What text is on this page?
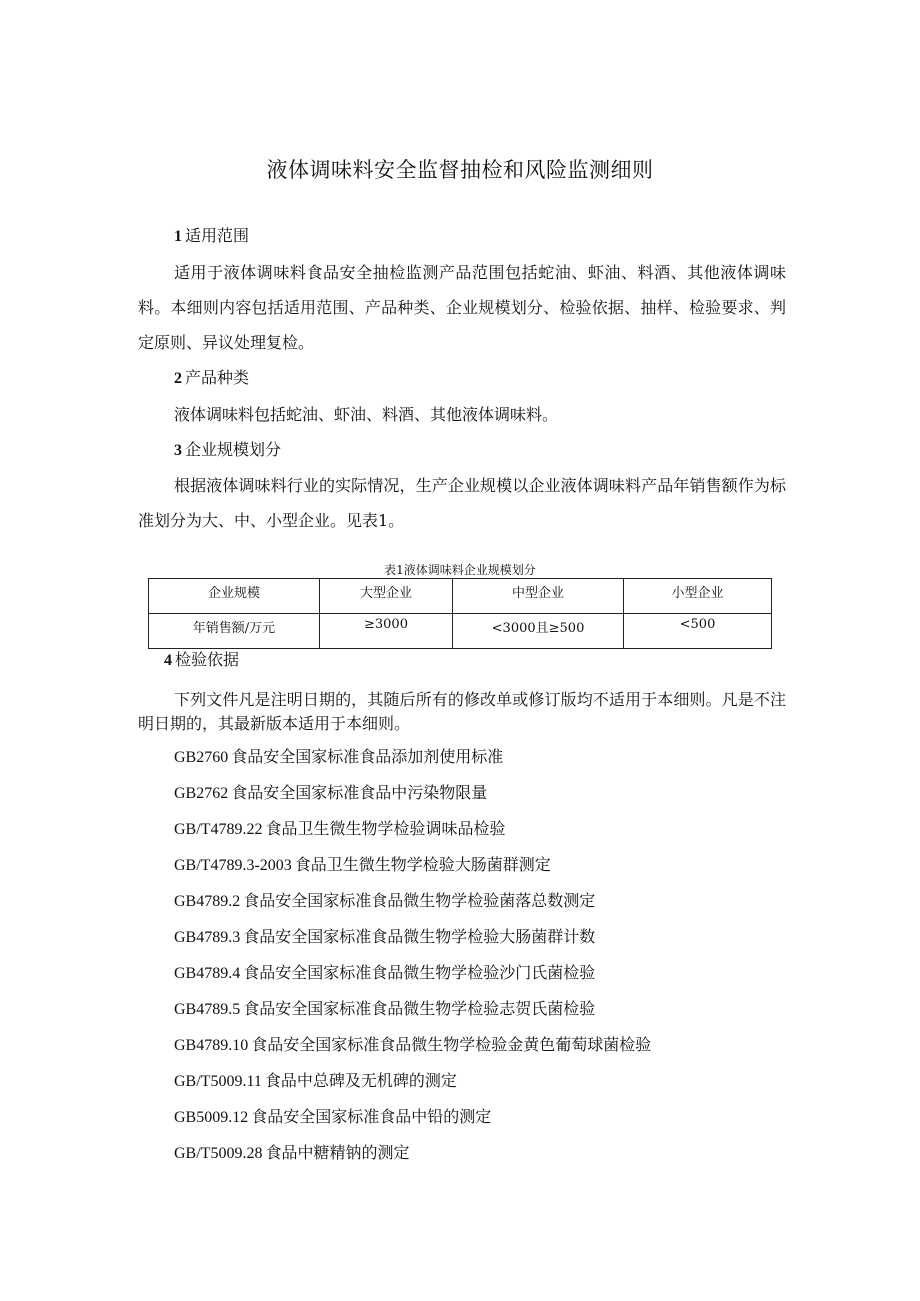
液体调味料安全监督抽检和风险监测细则
1 适用范围
适用于液体调味料食品安全抽检监测产品范围包括蛇油、虾油、料酒、其他液体调味料。本细则内容包括适用范围、产品种类、企业规模划分、检验依据、抽样、检验要求、判定原则、异议处理复检。
2 产品种类
液体调味料包括蛇油、虾油、料酒、其他液体调味料。
3 企业规模划分
根据液体调味料行业的实际情况，生产企业规模以企业液体调味料产品年销售额作为标准划分为大、中、小型企业。见表1。
表1液体调味料企业规模划分
企业规模	大型企业	中型企业	小型企业
年销售额/万元	≥3000	<3000且≥500	<500
4 检验依据
下列文件凡是注明日期的，其随后所有的修改单或修订版均不适用于本细则。凡是不注明日期的，其最新版本适用于本细则。
GB2760 食品安全国家标准食品添加剂使用标准
GB2762 食品安全国家标准食品中污染物限量
GB/T4789.22 食品卫生微生物学检验调味品检验
GB/T4789.3-2003 食品卫生微生物学检验大肠菌群测定
GB4789.2 食品安全国家标准食品微生物学检验菌落总数测定
GB4789.3 食品安全国家标准食品微生物学检验大肠菌群计数
GB4789.4 食品安全国家标准食品微生物学检验沙门氏菌检验
GB4789.5 食品安全国家标准食品微生物学检验志贺氏菌检验
GB4789.10 食品安全国家标准食品微生物学检验金黄色葡萄球菌检验
GB/T5009.11 食品中总碑及无机碑的测定
GB5009.12 食品安全国家标准食品中铅的测定
GB/T5009.28 食品中糖精钠的测定
